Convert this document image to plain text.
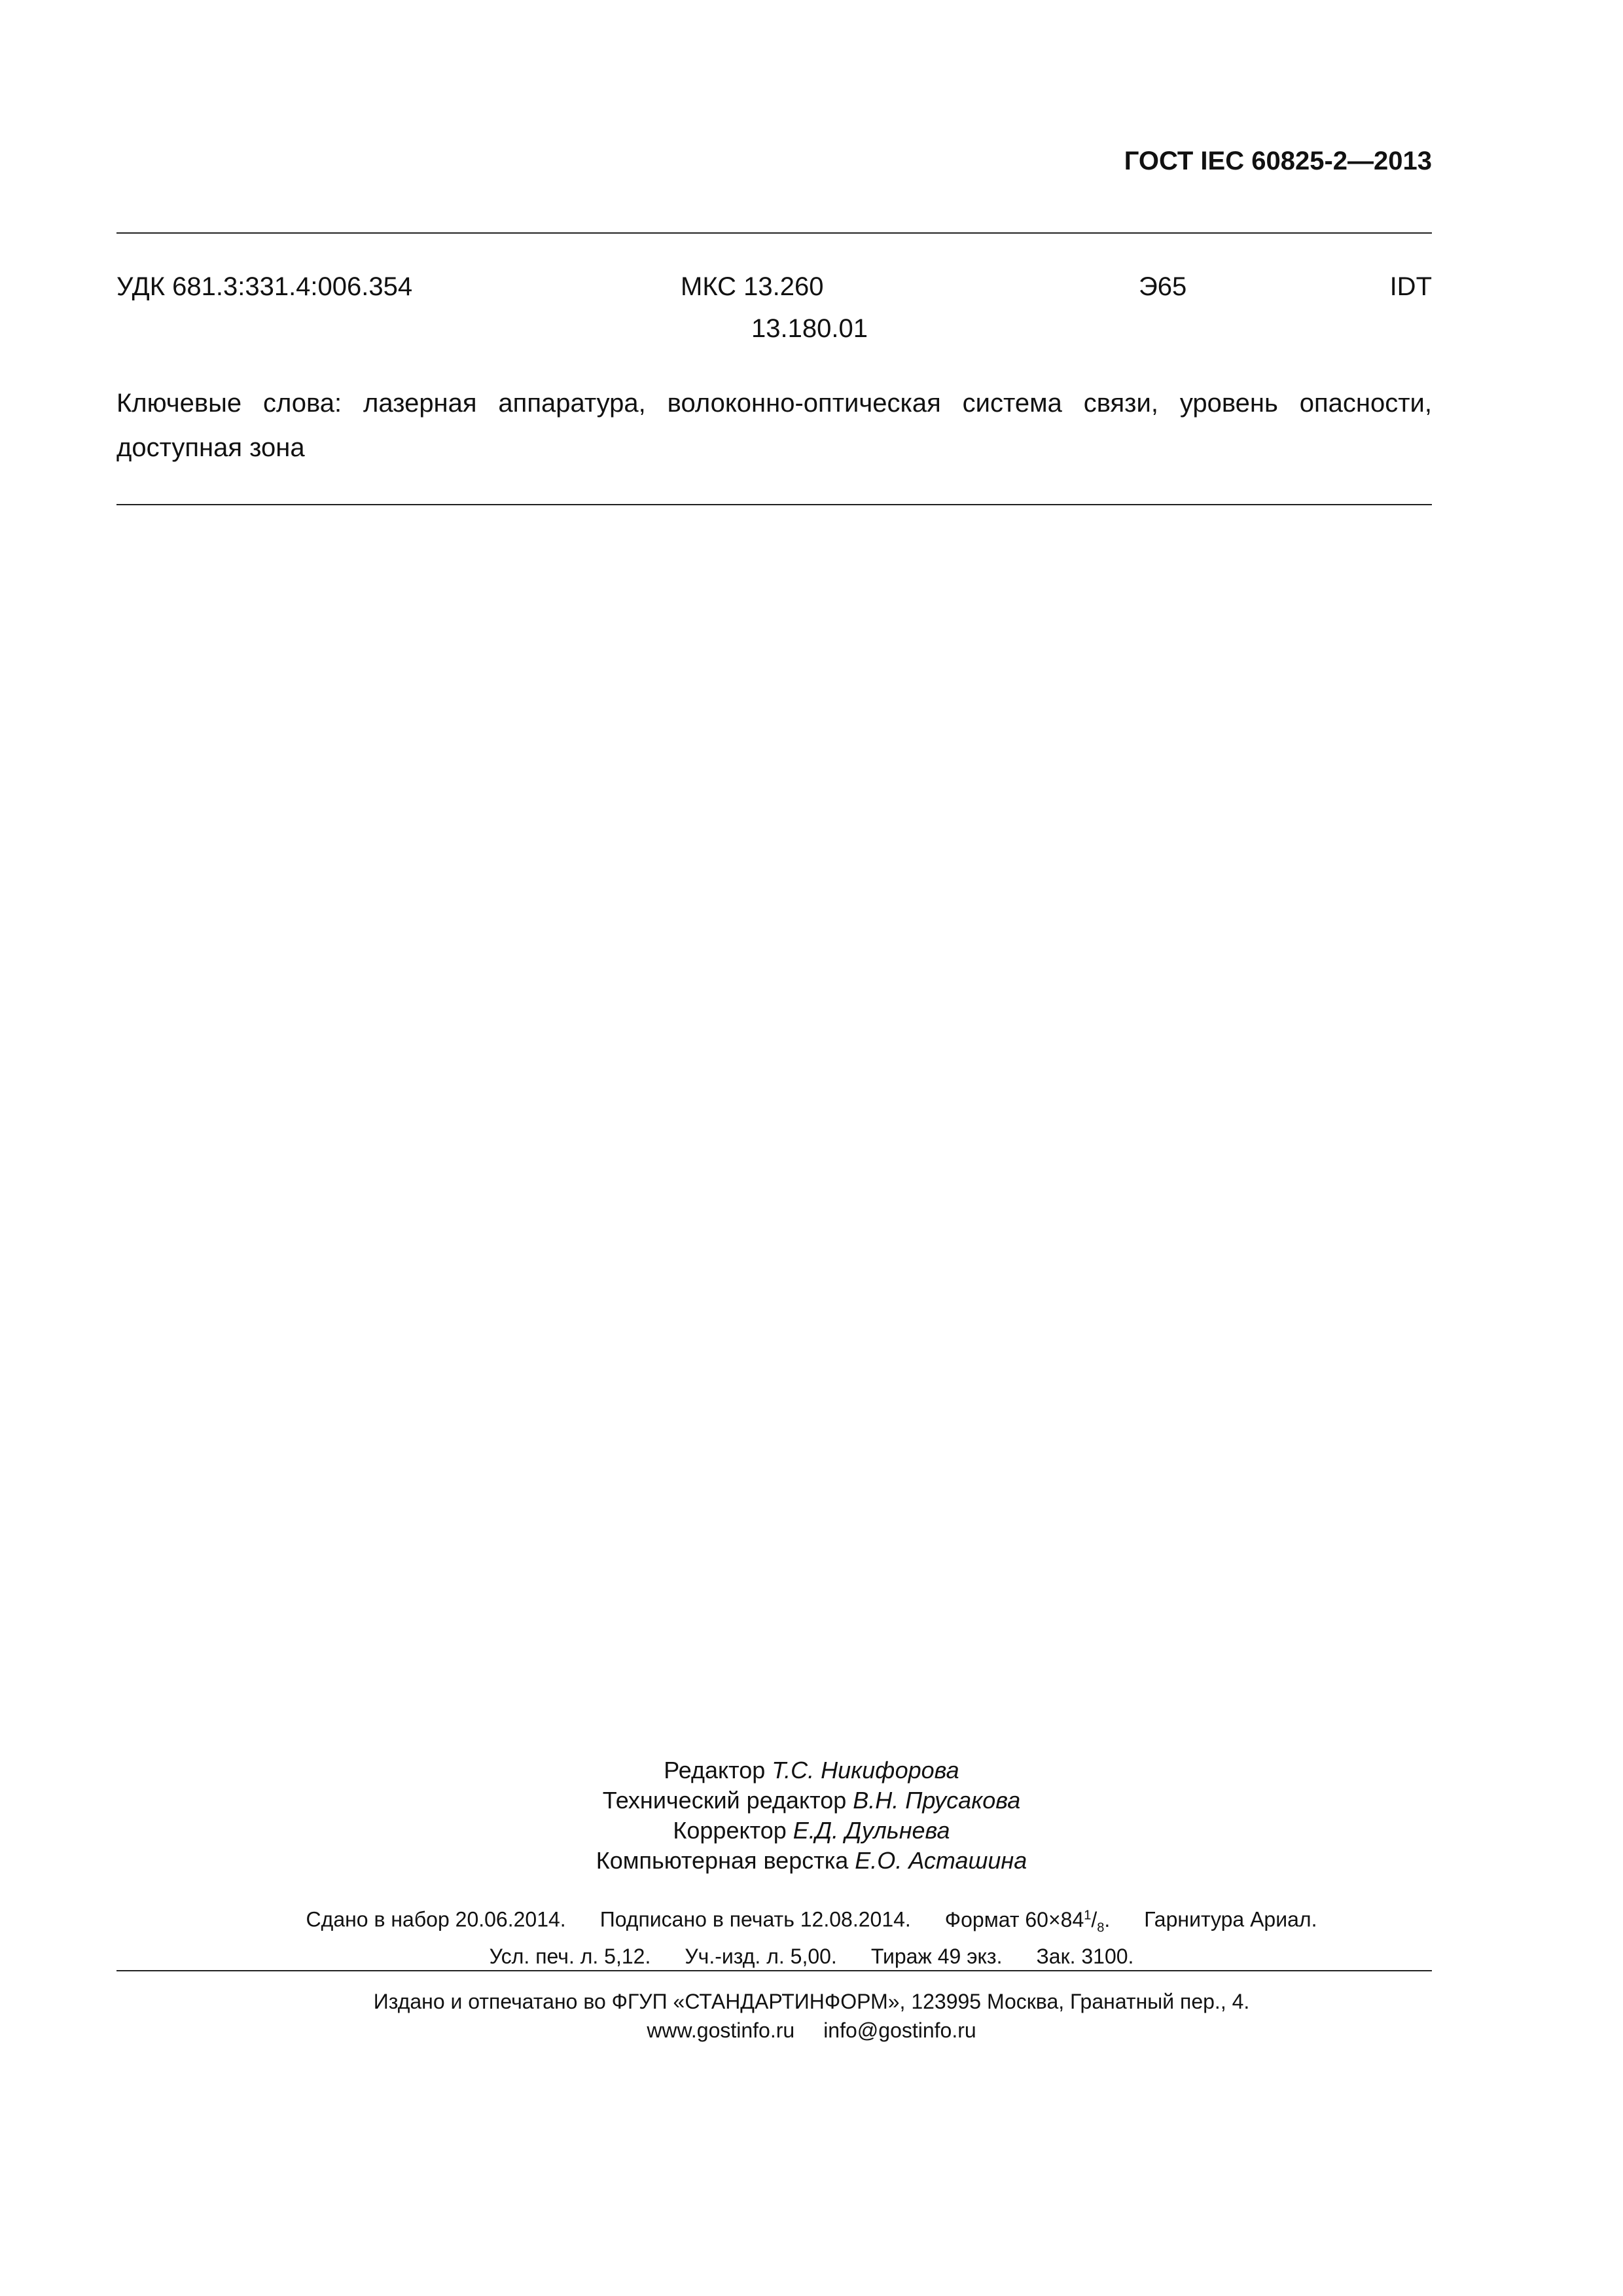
ГОСТ IEC 60825-2—2013
УДК 681.3:331.4:006.354	МКС 13.260
13.180.01
Э65	IDT
Ключевые слова: лазерная аппаратура, волоконно-оптическая система связи, уровень опасности, доступная зона
Редактор Т.С. Никифорова
Технический редактор В.Н. Прусакова
Корректор Е.Д. Дульнева
Компьютерная верстка Е.О. Асташина
Сдано в набор 20.06.2014. Подписано в печать 12.08.2014. Формат $60\times 84^1/_8$. Гарнитура Ариал.
Усл. печ. л. 5,12. Уч.-изд. л. 5,00. Тираж 49 экз. Зак. 3100.
Издано и отпечатано во ФГУП «СТАНДАРТИНФОРМ», 123995 Москва, Гранатный пер., 4.
www.gostinfo.ru info@gostinfo.ru
